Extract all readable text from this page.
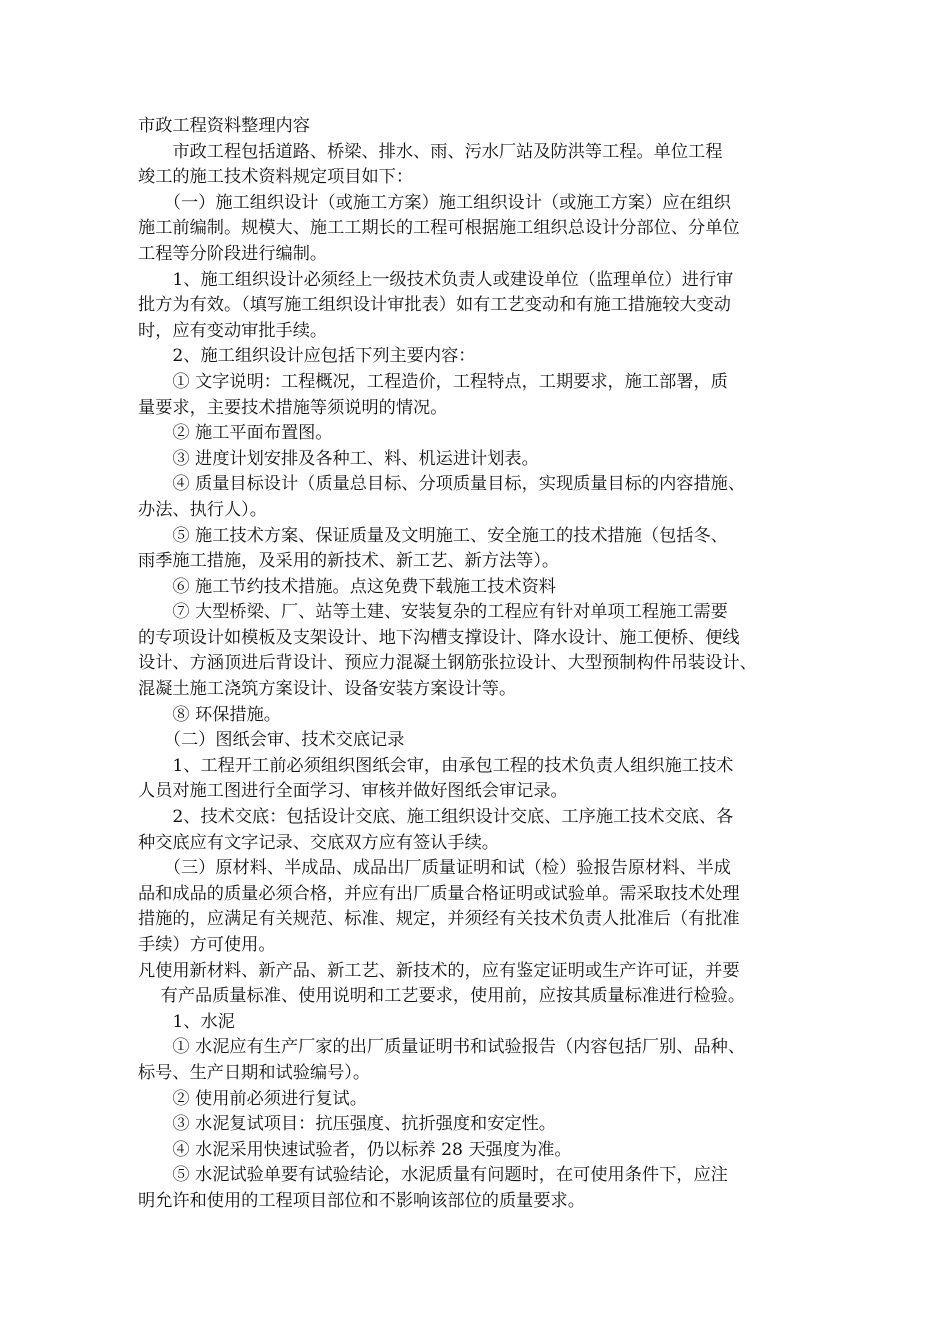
市政工程资料整理内容
　　市政工程包括道路、桥梁、排水、雨、污水厂站及防洪等工程。单位工程
竣工的施工技术资料规定项目如下：
　　（一）施工组织设计（或施工方案）施工组织设计（或施工方案）应在组织
施工前编制。规模大、施工工期长的工程可根据施工组织总设计分部位、分单位
工程等分阶段进行编制。
　　1、施工组织设计必须经上一级技术负责人或建设单位（监理单位）进行审
批方为有效。（填写施工组织设计审批表）如有工艺变动和有施工措施较大变动
时，应有变动审批手续。
　　2、施工组织设计应包括下列主要内容：
　　① 文字说明：工程概况，工程造价，工程特点，工期要求，施工部署，质
量要求，主要技术措施等须说明的情况。
　　② 施工平面布置图。
　　③ 进度计划安排及各种工、料、机运进计划表。
　　④ 质量目标设计（质量总目标、分项质量目标，实现质量目标的内容措施、
办法、执行人）。
　　⑤ 施工技术方案、保证质量及文明施工、安全施工的技术措施（包括冬、
雨季施工措施，及采用的新技术、新工艺、新方法等）。
　　⑥ 施工节约技术措施。点这免费下载施工技术资料
　　⑦ 大型桥梁、厂、站等土建、安装复杂的工程应有针对单项工程施工需要
的专项设计如模板及支架设计、地下沟槽支撑设计、降水设计、施工便桥、便线
设计、方涵顶进后背设计、预应力混凝土钢筋张拉设计、大型预制构件吊装设计、
混凝土施工浇筑方案设计、设备安装方案设计等。
　　⑧ 环保措施。
　　（二）图纸会审、技术交底记录
　　1、工程开工前必须组织图纸会审，由承包工程的技术负责人组织施工技术
人员对施工图进行全面学习、审核并做好图纸会审记录。
　　2、技术交底：包括设计交底、施工组织设计交底、工序施工技术交底、各
种交底应有文字记录、交底双方应有签认手续。
　　（三）原材料、半成品、成品出厂质量证明和试（检）验报告原材料、半成
品和成品的质量必须合格，并应有出厂质量合格证明或试验单。需采取技术处理
措施的，应满足有关规范、标准、规定，并须经有关技术负责人批准后（有批准
手续）方可使用。
凡使用新材料、新产品、新工艺、新技术的，应有鉴定证明或生产许可证，并要
　 有产品质量标准、使用说明和工艺要求，使用前，应按其质量标准进行检验。
　　1、水泥
　　① 水泥应有生产厂家的出厂质量证明书和试验报告（内容包括厂别、品种、
标号、生产日期和试验编号）。
　　② 使用前必须进行复试。
　　③ 水泥复试项目：抗压强度、抗折强度和安定性。
　　④ 水泥采用快速试验者，仍以标养 28 天强度为准。
　　⑤ 水泥试验单要有试验结论，水泥质量有问题时，在可使用条件下，应注
明允许和使用的工程项目部位和不影响该部位的质量要求。
